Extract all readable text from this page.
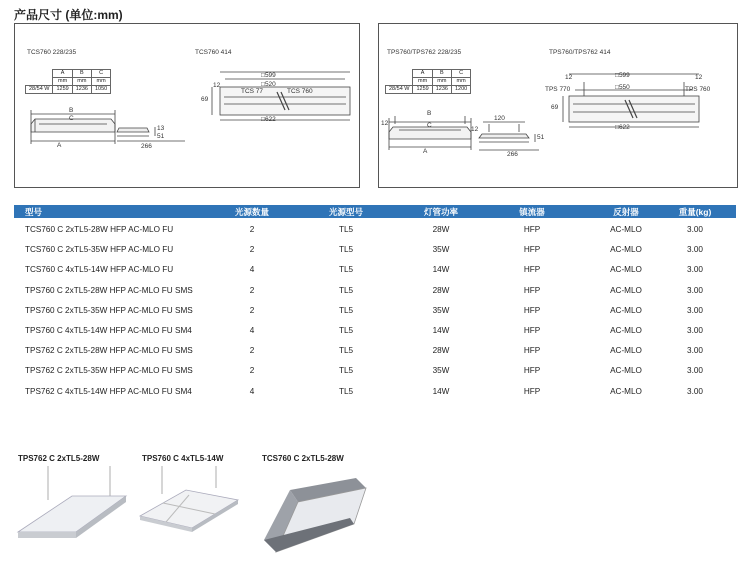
产品尺寸 (单位:mm)
TCS760 228/235	TCS760 414
	A	B	C
	mm	mm	mm
28/54 W	1259	1236	1050
B
C
A
13
51
266
□599
□520
TCS 77	TCS 760
□622
69
12
TPS760/TPS762 228/235	TPS760/TPS762 414
	A	B	C
	mm	mm	mm
28/54 W	1259	1236	1200
12
B
C
A
120
12
51
266
□599
□550
TPS 770	TPS 760
□622
12	12
69
型号	光源数量	光源型号	灯管功率	镇流器	反射器	重量(kg)
TCS760 C 2xTL5-28W HFP AC-MLO FU	2	TL5	28W	HFP	AC-MLO	3.00
TCS760 C 2xTL5-35W HFP AC-MLO FU	2	TL5	35W	HFP	AC-MLO	3.00
TCS760 C 4xTL5-14W HFP AC-MLO FU	4	TL5	14W	HFP	AC-MLO	3.00
TPS760 C 2xTL5-28W HFP AC-MLO FU SMS	2	TL5	28W	HFP	AC-MLO	3.00
TPS760 C 2xTL5-35W HFP AC-MLO FU SMS	2	TL5	35W	HFP	AC-MLO	3.00
TPS760 C 4xTL5-14W HFP AC-MLO FU SM4	4	TL5	14W	HFP	AC-MLO	3.00
TPS762 C 2xTL5-28W HFP AC-MLO FU SMS	2	TL5	28W	HFP	AC-MLO	3.00
TPS762 C 2xTL5-35W HFP AC-MLO FU SMS	2	TL5	35W	HFP	AC-MLO	3.00
TPS762 C 4xTL5-14W HFP AC-MLO FU SM4	4	TL5	14W	HFP	AC-MLO	3.00
TPS762 C 2xTL5-28W	TPS760 C 4xTL5-14W	TCS760 C 2xTL5-28W
